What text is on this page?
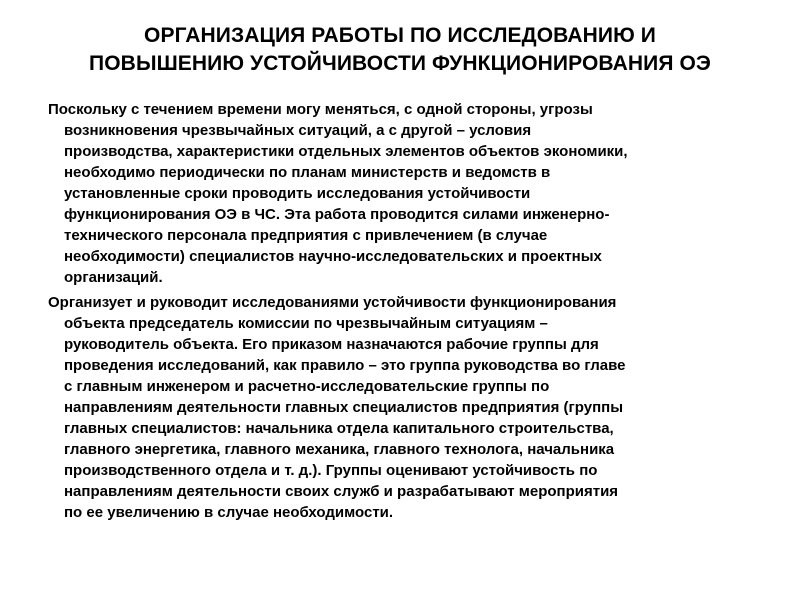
ОРГАНИЗАЦИЯ РАБОТЫ ПО ИССЛЕДОВАНИЮ И
ПОВЫШЕНИЮ УСТОЙЧИВОСТИ ФУНКЦИОНИРОВАНИЯ ОЭ

Поскольку с течением времени могу меняться, с одной стороны, угрозы
возникновения чрезвычайных ситуаций, а с другой – условия
производства, характеристики отдельных элементов объектов экономики,
необходимо периодически по планам министерств и ведомств в
установленные сроки проводить исследования устойчивости
функционирования ОЭ в ЧС. Эта работа проводится силами инженерно-
технического персонала предприятия с привлечением (в случае
необходимости) специалистов научно-исследовательских и проектных
организаций.

Организует и руководит исследованиями устойчивости функционирования
объекта председатель комиссии по чрезвычайным ситуациям –
руководитель объекта. Его приказом назначаются рабочие группы для
проведения исследований, как правило – это группа руководства во главе
с главным инженером и расчетно-исследовательские группы по
направлениям деятельности главных специалистов предприятия (группы
главных специалистов: начальника отдела капитального строительства,
главного энергетика, главного механика, главного технолога, начальника
производственного отдела и т. д.). Группы оценивают устойчивость по
направлениям деятельности своих служб и разрабатывают мероприятия
по ее увеличению в случае необходимости.
